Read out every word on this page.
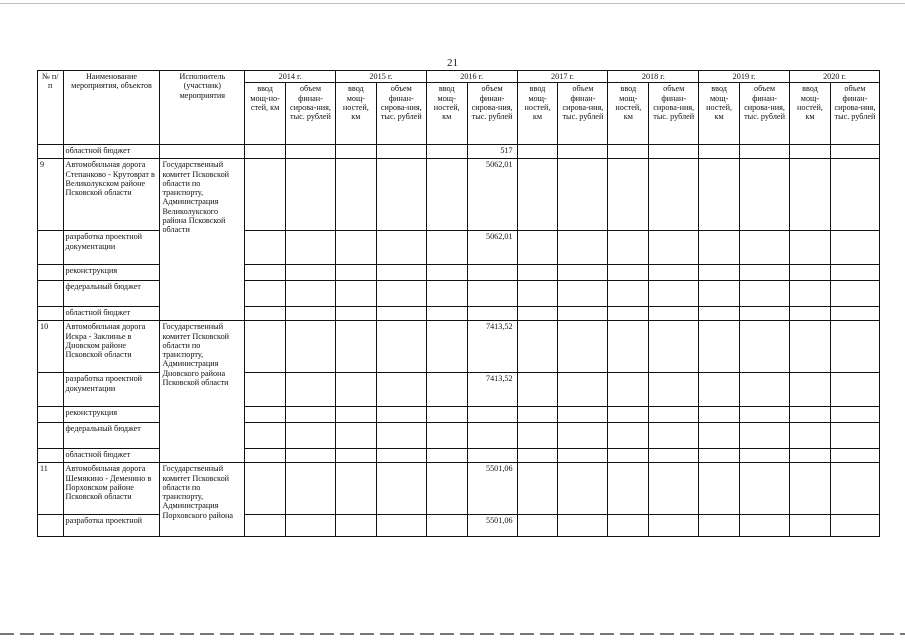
21
№ п/п	Наименование мероприятия, объектов	Исполнитель (участник) мероприятия	2014 г.		2015 г.		2016 г.		2017 г.		2018 г.		2019 г.		2020 г.	
			ввод мощ-но-стей, км	объем финан-сирова-ния, тыс. рублей	ввод мощ-ностей, км	объем финан-сирова-ния, тыс. рублей	ввод мощ-ностей, км	объем финан-сирова-ния, тыс. рублей	ввод мощ-ностей, км	объем финан-сирова-ния, тыс. рублей	ввод мощ-ностей, км	объем финан-сирова-ния, тыс. рублей	ввод мощ-ностей, км	объем финан-сирова-ния, тыс. рублей	ввод мощ-ностей, км	объем финан-сирова-ния, тыс. рублей
	областной бюджет							517								
9	Автомобильная дорога Степанково - Крутоврат в Великолукском районе Псковской области	Государственный комитет Псковской области по транспорту, Администрация Великолукского района Псковской области						5062,01								
	разработка проектной документации							5062,01								
	реконструкция															
	федеральный бюджет															
	областной бюджет															
10	Автомобильная дорога Искра - Заклинье в Дновском районе Псковской области	Государственный комитет Псковской области по транспорту, Администрация Дновского района Псковской области						7413,52								
	разработка проектной документации							7413,52								
	реконструкция															
	федеральный бюджет															
	областной бюджет															
11	Автомобильная дорога Шемякино - Деменино в Порховском районе Псковской области	Государственный комитет Псковской области по транспорту, Администрация Порховского района						5501,06								
	разработка проектной							5501,06								
